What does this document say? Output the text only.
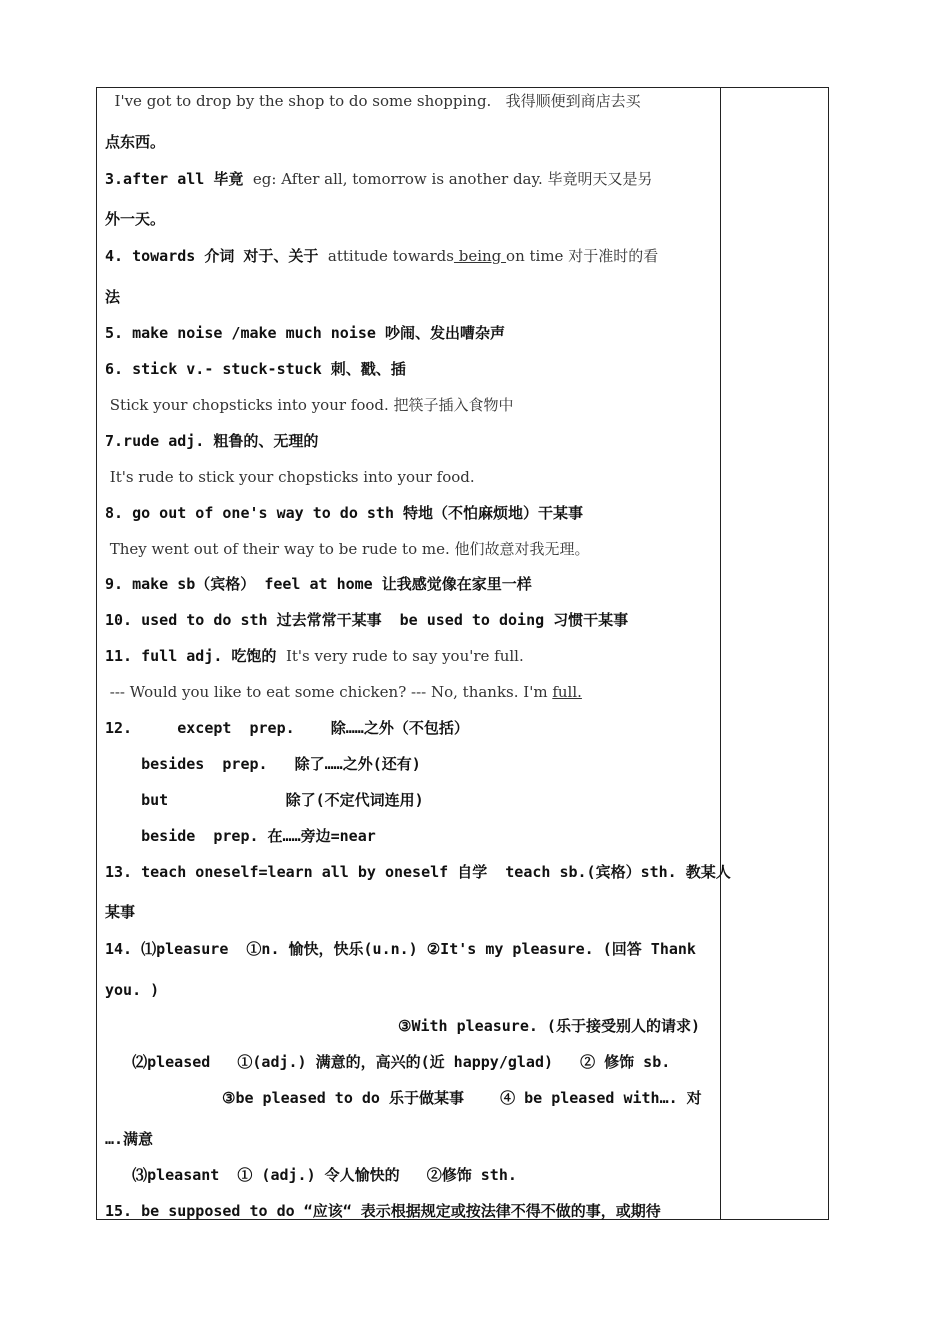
I've got to drop by the shop to do some shopping.   我得顺便到商店去买
点东西。
3.after all 毕竟  eg: After all, tomorrow is another day. 毕竟明天又是另
外一天。
4. towards 介词 对于、关于  attitude towards being on time 对于准时的看
法
5. make noise /make much noise 吵闹、发出嘈杂声
6. stick v.- stuck-stuck 刺、戳、插
Stick your chopsticks into your food. 把筷子插入食物中
7.rude adj. 粗鲁的、无理的
It's rude to stick your chopsticks into your food.
8. go out of one's way to do sth 特地（不怕麻烦地）干某事
They went out of their way to be rude to me. 他们故意对我无理。
9. make sb（宾格） feel at home 让我感觉像在家里一样
10. used to do sth 过去常常干某事  be used to doing 习惯干某事
11. full adj. 吃饱的  It's very rude to say you're full.
--- Would you like to eat some chicken? --- No, thanks. I'm full.
12.     except  prep.    除……之外（不包括）
besides  prep.   除了……之外(还有)
but             除了(不定代词连用)
beside  prep. 在……旁边=near
13. teach oneself=learn all by oneself 自学  teach sb.(宾格）sth. 教某人
某事
14. ⑴pleasure  ①n. 愉快，快乐(u.n.) ②It's my pleasure. (回答 Thank
you. )
③With pleasure. (乐于接受别人的请求)
⑵pleased   ①(adj.) 满意的，高兴的(近 happy/glad)   ② 修饰 sb.
③be pleased to do 乐于做某事    ④ be pleased with…. 对
….满意
⑶pleasant  ① (adj.) 令人愉快的   ②修饰 sth.
15. be supposed to do “应该“ 表示根据规定或按法律不得不做的事，或期待
